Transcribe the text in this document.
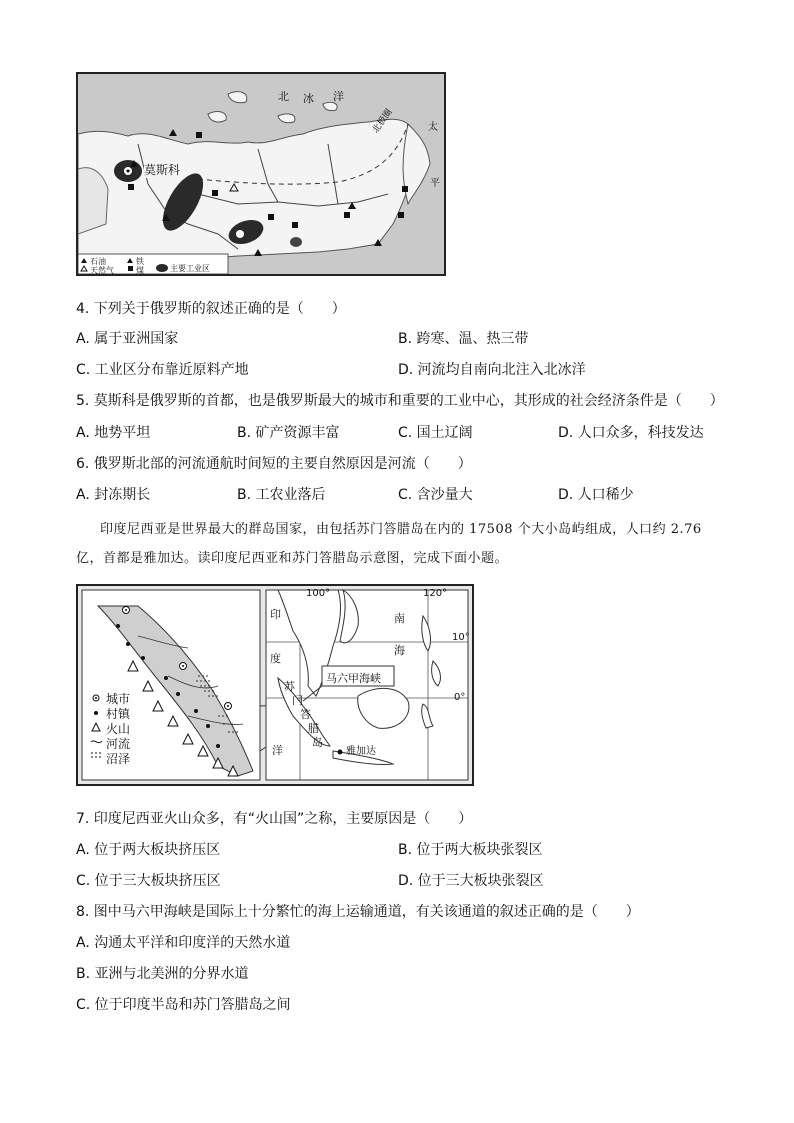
北 冰 洋
北极圈	太
平
莫斯科
石油
天然气
铁
煤	主要工业区
4. 下列关于俄罗斯的叙述正确的是（　　）
A. 属于亚洲国家	B. 跨寒、温、热三带
C. 工业区分布靠近原料产地	D. 河流均自南向北注入北冰洋
5. 莫斯科是俄罗斯的首都，也是俄罗斯最大的城市和重要的工业中心，其形成的社会经济条件是（　　）
A. 地势平坦	B. 矿产资源丰富	C. 国土辽阔	D. 人口众多，科技发达
6. 俄罗斯北部的河流通航时间短的主要自然原因是河流（　　）
A. 封冻期长	B. 工农业落后	C. 含沙量大	D. 人口稀少
印度尼西亚是世界最大的群岛国家，由包括苏门答腊岛在内的 17508 个大小岛屿组成，人口约 2.76
亿，首都是雅加达。读印度尼西亚和苏门答腊岛示意图，完成下面小题。
城市
村镇
火山
河流
沼泽
100°	120°
10°
0°
印
度
洋
南
海
苏
门
答
腊
岛
马六甲海峡
雅加达
7. 印度尼西亚火山众多，有“火山国”之称，主要原因是（　　）
A. 位于两大板块挤压区	B. 位于两大板块张裂区
C. 位于三大板块挤压区	D. 位于三大板块张裂区
8. 图中马六甲海峡是国际上十分繁忙的海上运输通道，有关该通道的叙述正确的是（　　）
A. 沟通太平洋和印度洋的天然水道
B. 亚洲与北美洲的分界水道
C. 位于印度半岛和苏门答腊岛之间
